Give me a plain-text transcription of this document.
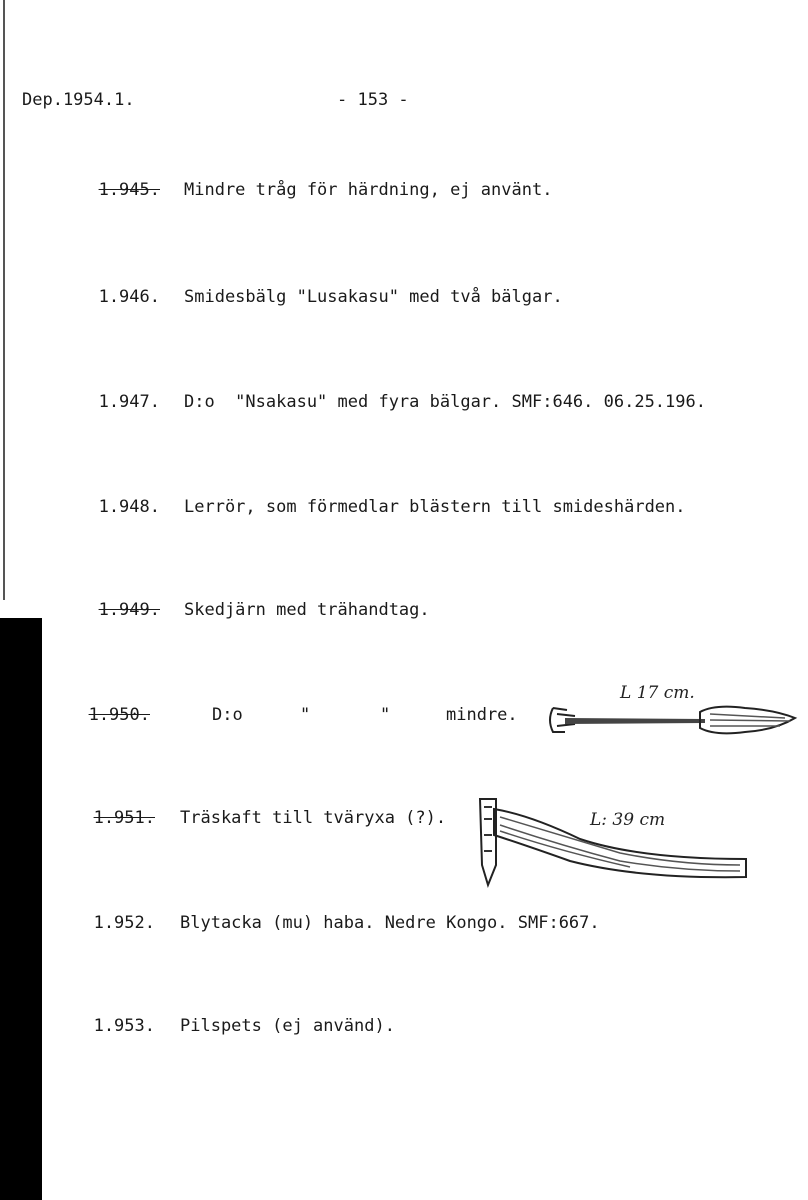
Dep.1954.1.	- 153 -
1.945. Mindre tråg för härdning, ej använt.
1.946. Smidesbälg "Lusakasu" med två bälgar.
1.947. D:o  "Nsakasu" med fyra bälgar. SMF:646. 06.25.196.
1.948. Lerrör, som förmedlar blästern till smideshärden.
1.949. Skedjärn med trähandtag.
1.950.	D:o	"	"	mindre.
L 17 cm.
1.951. Träskaft till tväryxa (?).	L: 39 cm
1.952. Blytacka (mu) haba. Nedre Kongo. SMF:667.
1.953. Pilspets (ej använd).
